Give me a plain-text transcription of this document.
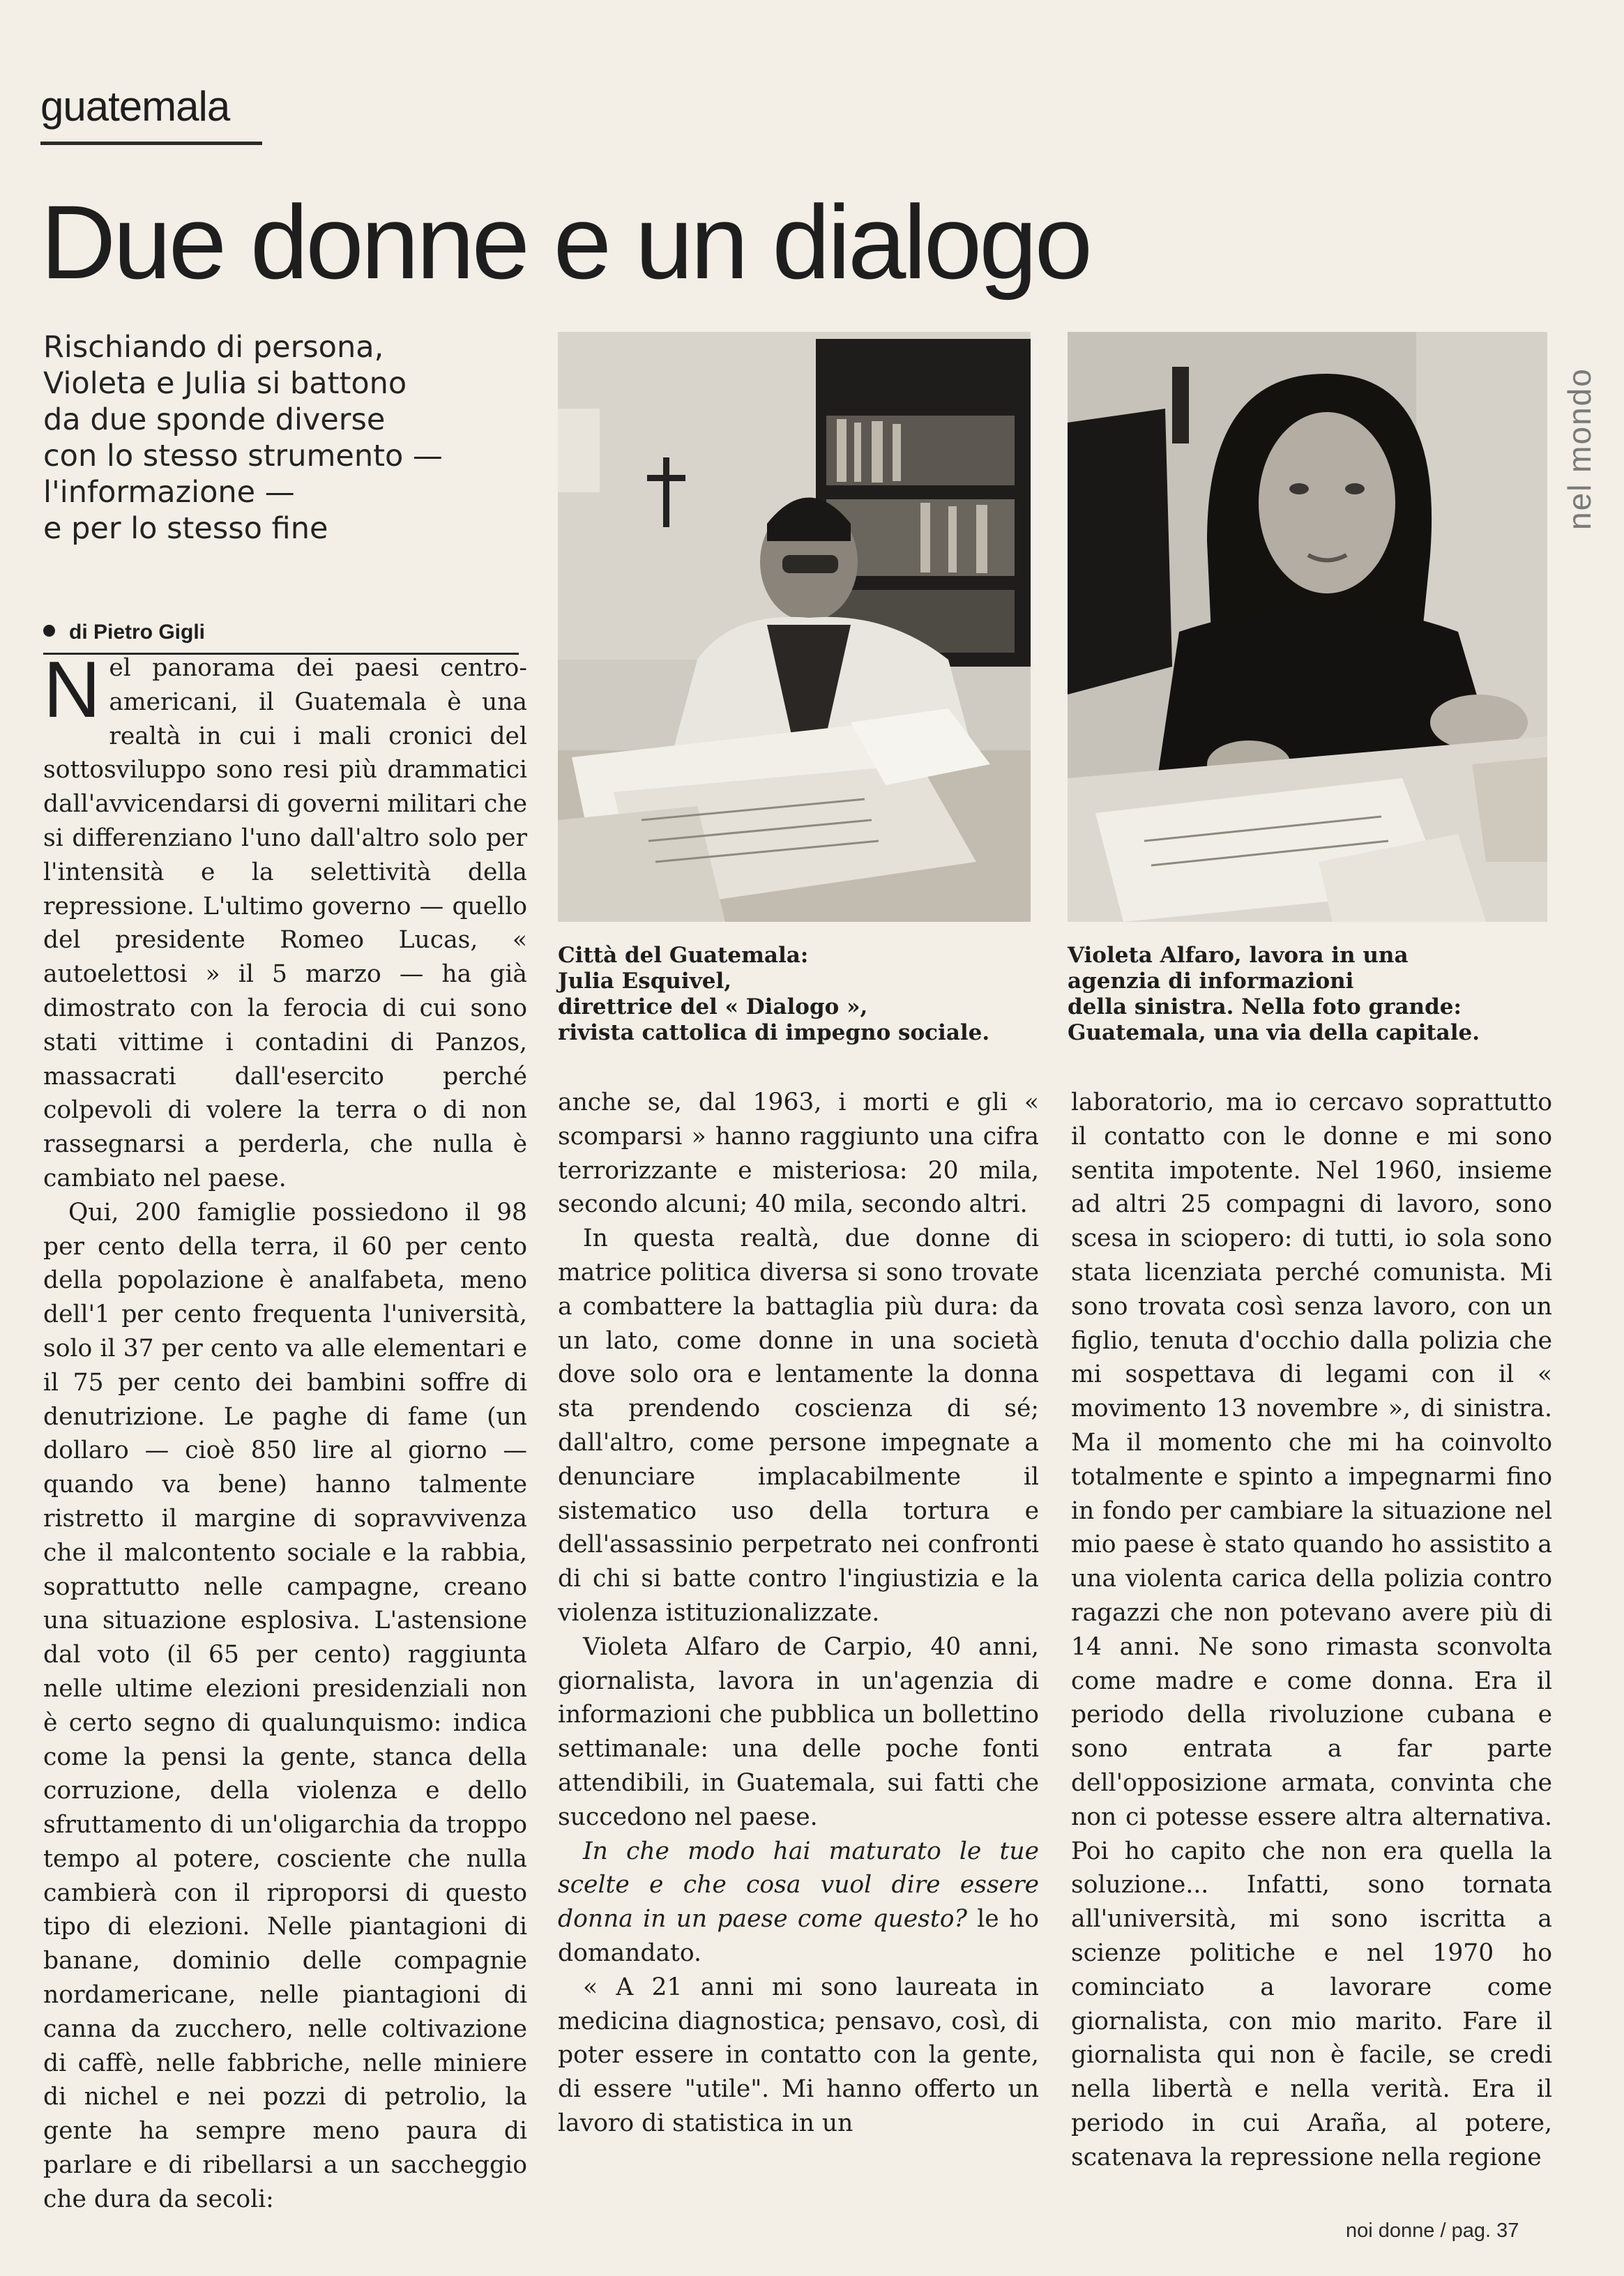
guatemala
Due donne e un dialogo
Rischiando di persona,
Violeta e Julia si battono
da due sponde diverse
con lo stesso strumento —
l'informazione —
e per lo stesso fine
di Pietro Gigli
nel mondo
Città del Guatemala:
Julia Esquivel,
direttrice del « Dialogo »,
rivista cattolica di impegno sociale.
Violeta Alfaro, lavora in una
agenzia di informazioni
della sinistra. Nella foto grande:
Guatemala, una via della capitale.

Nel panorama dei paesi centro-americani, il Guatemala è una realtà in cui i mali cronici del sottosviluppo sono resi più drammatici dall'avvicendarsi di governi militari che si differenziano l'uno dall'altro solo per l'intensità e la selettività della repressione. L'ultimo governo — quello del presidente Romeo Lucas, « autoelettosi » il 5 marzo — ha già dimostrato con la ferocia di cui sono stati vittime i contadini di Panzos, massacrati dall'esercito perché colpevoli di volere la terra o di non rassegnarsi a perderla, che nulla è cambiato nel paese.

Qui, 200 famiglie possiedono il 98 per cento della terra, il 60 per cento della popolazione è analfabeta, meno dell'1 per cento frequenta l'università, solo il 37 per cento va alle elementari e il 75 per cento dei bambini soffre di denutrizione. Le paghe di fame (un dollaro — cioè 850 lire al giorno — quando va bene) hanno talmente ristretto il margine di sopravvivenza che il malcontento sociale e la rabbia, soprattutto nelle campagne, creano una situazione esplosiva. L'astensione dal voto (il 65 per cento) raggiunta nelle ultime elezioni presidenziali non è certo segno di qualunquismo: indica come la pensi la gente, stanca della corruzione, della violenza e dello sfruttamento di un'oligarchia da troppo tempo al potere, cosciente che nulla cambierà con il riproporsi di questo tipo di elezioni. Nelle piantagioni di banane, dominio delle compagnie nordamericane, nelle piantagioni di canna da zucchero, nelle coltivazione di caffè, nelle fabbriche, nelle miniere di nichel e nei pozzi di petrolio, la gente ha sempre meno paura di parlare e di ribellarsi a un saccheggio che dura da secoli:

anche se, dal 1963, i morti e gli « scomparsi » hanno raggiunto una cifra terrorizzante e misteriosa: 20 mila, secondo alcuni; 40 mila, secondo altri.

In questa realtà, due donne di matrice politica diversa si sono trovate a combattere la battaglia più dura: da un lato, come donne in una società dove solo ora e lentamente la donna sta prendendo coscienza di sé; dall'altro, come persone impegnate a denunciare implacabilmente il sistematico uso della tortura e dell'assassinio perpetrato nei confronti di chi si batte contro l'ingiustizia e la violenza istituzionalizzate.

Violeta Alfaro de Carpio, 40 anni, giornalista, lavora in un'agenzia di informazioni che pubblica un bollettino settimanale: una delle poche fonti attendibili, in Guatemala, sui fatti che succedono nel paese.

In che modo hai maturato le tue scelte e che cosa vuol dire essere donna in un paese come questo? le ho domandato.

« A 21 anni mi sono laureata in medicina diagnostica; pensavo, così, di poter essere in contatto con la gente, di essere "utile". Mi hanno offerto un lavoro di statistica in un

laboratorio, ma io cercavo soprattutto il contatto con le donne e mi sono sentita impotente. Nel 1960, insieme ad altri 25 compagni di lavoro, sono scesa in sciopero: di tutti, io sola sono stata licenziata perché comunista. Mi sono trovata così senza lavoro, con un figlio, tenuta d'occhio dalla polizia che mi sospettava di legami con il « movimento 13 novembre », di sinistra. Ma il momento che mi ha coinvolto totalmente e spinto a impegnarmi fino in fondo per cambiare la situazione nel mio paese è stato quando ho assistito a una violenta carica della polizia contro ragazzi che non potevano avere più di 14 anni. Ne sono rimasta sconvolta come madre e come donna. Era il periodo della rivoluzione cubana e sono entrata a far parte dell'opposizione armata, convinta che non ci potesse essere altra alternativa. Poi ho capito che non era quella la soluzione... Infatti, sono tornata all'università, mi sono iscritta a scienze politiche e nel 1970 ho cominciato a lavorare come giornalista, con mio marito. Fare il giornalista qui non è facile, se credi nella libertà e nella verità. Era il periodo in cui Araña, al potere, scatenava la repressione nella regione

noi donne / pag. 37
